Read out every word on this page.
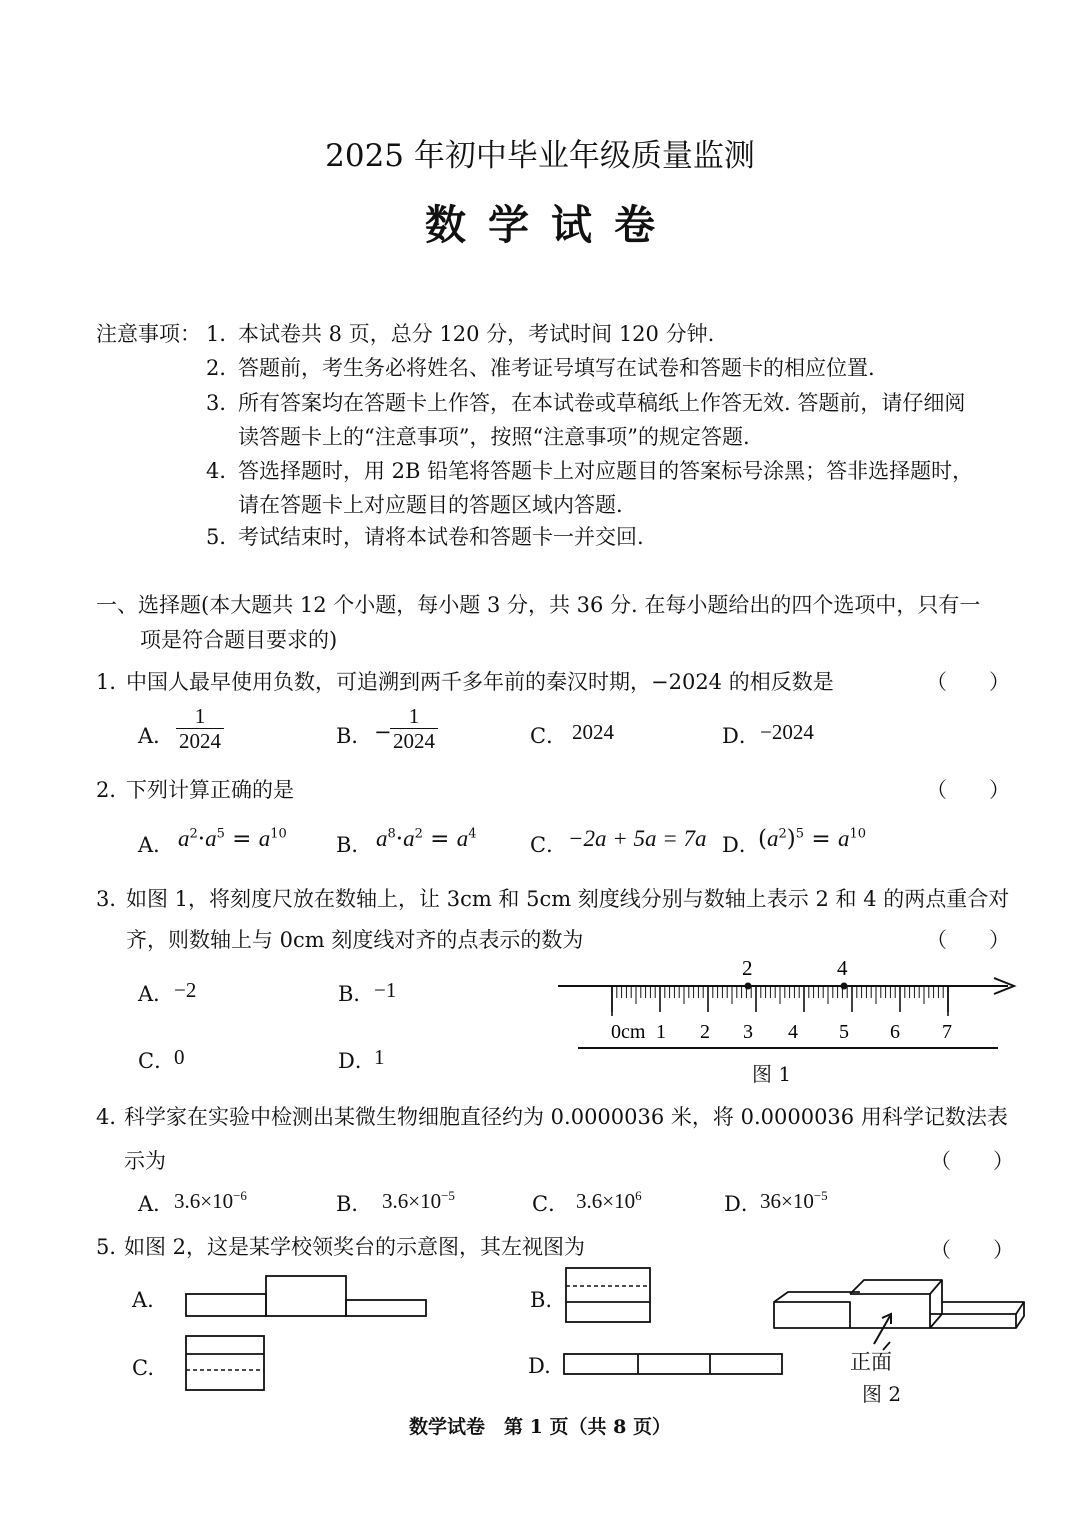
2025 年初中毕业年级质量监测
数学试卷
注意事项： 1．
本试卷共 8 页，总分 120 分，考试时间 120 分钟.
2．
答题前，考生务必将姓名、准考证号填写在试卷和答题卡的相应位置.
3．
所有答案均在答题卡上作答，在本试卷或草稿纸上作答无效. 答题前，请仔细阅
读答题卡上的“注意事项”，按照“注意事项”的规定答题.
4．
答选择题时，用 2B 铅笔将答题卡上对应题目的答案标号涂黑；答非选择题时，
请在答题卡上对应题目的答题区域内答题.
5．
考试结束时，请将本试卷和答题卡一并交回.
一、选择题(本大题共 12 个小题，每小题 3 分，共 36 分. 在每小题给出的四个选项中，只有一
项是符合题目要求的)
1．
中国人最早使用负数，可追溯到两千多年前的秦汉时期，−2024 的相反数是	（　　）
A． $\frac{1}{2024}$	B． −
$\frac{1}{2024}$	C． 2024	D． −2024
2．
下列计算正确的是	（　　）
A． $a^2\cdot a^5 = a^{10}$ B． $a^8\cdot a^2 = a^4$	C． −2a + 5a = 7a D．
$(a^2)^5 = a^{10}$
3．
如图 1，将刻度尺放在数轴上，让 3cm 和 5cm 刻度线分别与数轴上表示 2 和 4 的两点重合对
齐，则数轴上与 0cm 刻度线对齐的点表示的数为	（　　）
A． −2	B． −1
C．
0	D．
1
2	4
0cm 1 2 3 4 5 6 7
图 1
4．
科学家在实验中检测出某微生物细胞直径约为 0.0000036 米，将 0.0000036 用科学记数法表
示为	（　　）
A． $3.6\times 10^{-6}$	B． $3.6\times 10^{-5}$	C． $3.6\times 10^6$	D．
$36\times 10^{-5}$
5．
如图 2，这是某学校领奖台的示意图，其左视图为	（　　）
A.	B.
C.	D.	正面
图 2
数学试卷　第 1 页（共 8 页）
